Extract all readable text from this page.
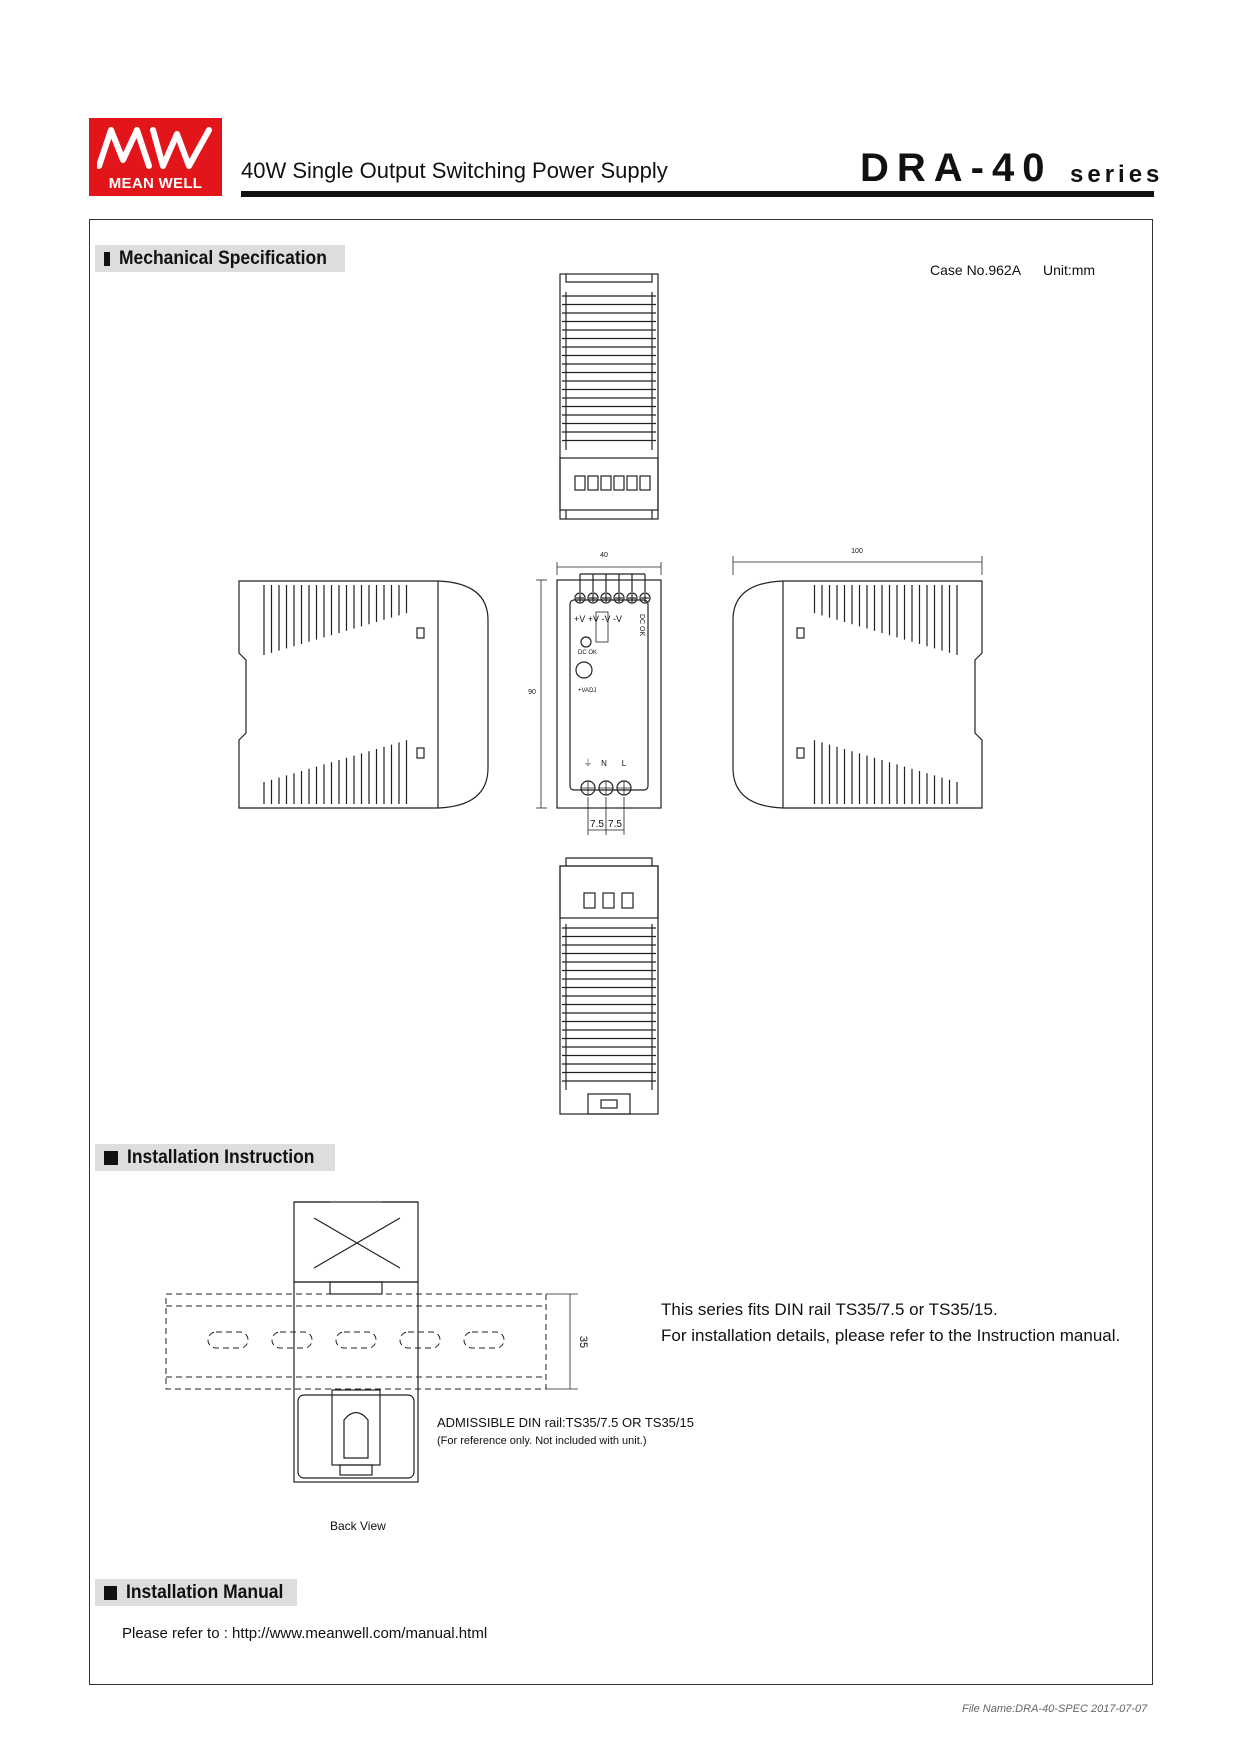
MEAN WELL
40W Single Output Switching Power Supply	DRA-40 series
Mechanical Specification
Case No.962A Unit:mm
Installation Instruction
Installation Manual
40
100
90
+V +V -V -V
DC OK
+VADJ
DC OK
N L
⏚
7.5 7.5
35
This series fits DIN rail TS35/7.5 or TS35/15.
For installation details, please refer to the Instruction manual.
ADMISSIBLE DIN rail:TS35/7.5 OR TS35/15
(For reference only. Not included with unit.)
Back View
Please refer to : http://www.meanwell.com/manual.html
File Name:DRA-40-SPEC 2017-07-07
